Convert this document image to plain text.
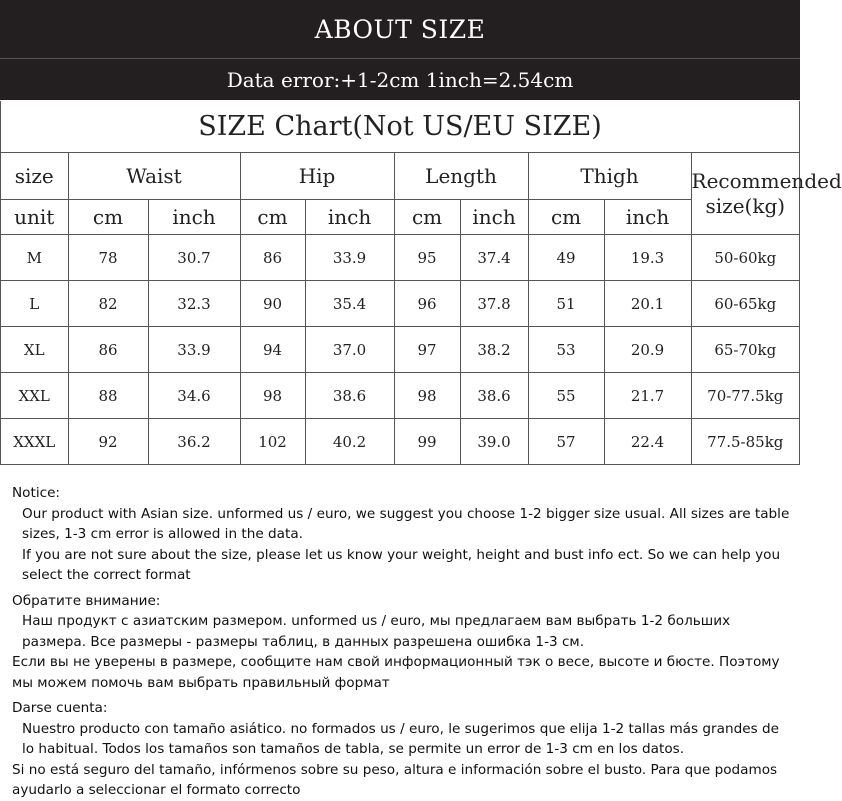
ABOUT SIZE
Data error:+1-2cm 1inch=2.54cm
SIZE Chart(Not US/EU SIZE)
size	Waist		Hip		Length		Thigh		Recommended
size(kg)

unit	cm	inch	cm	inch	cm	inch	cm	inch	
M	78	30.7	86	33.9	95	37.4	49	19.3	50-60kg
L	82	32.3	90	35.4	96	37.8	51	20.1	60-65kg
XL	86	33.9	94	37.0	97	38.2	53	20.9	65-70kg
XXL	88	34.6	98	38.6	98	38.6	55	21.7	70-77.5kg
XXXL	92	36.2	102	40.2	99	39.0	57	22.4	77.5-85kg

Notice:

Our product with Asian size. unformed us / euro, we suggest you choose 1-2 bigger size usual. All sizes are table sizes, 1-3 cm error is allowed in the data.

If you are not sure about the size, please let us know your weight, height and bust info ect. So we can help you select the correct format

Обратите внимание:

Наш продукт с азиатским размером. unformed us / euro, мы предлагаем вам выбрать 1-2 больших размера. Все размеры - размеры таблиц, в данных разрешена ошибка 1-3 см.

Если вы не уверены в размере, сообщите нам свой информационный тэк о весе, высоте и бюсте. Поэтому мы можем помочь вам выбрать правильный формат

Darse cuenta:

Nuestro producto con tamaño asiático. no formados us / euro, le sugerimos que elija 1-2 tallas más grandes de lo habitual. Todos los tamaños son tamaños de tabla, se permite un error de 1-3 cm en los datos.

Si no está seguro del tamaño, infórmenos sobre su peso, altura e información sobre el busto. Para que podamos ayudarlo a seleccionar el formato correcto
